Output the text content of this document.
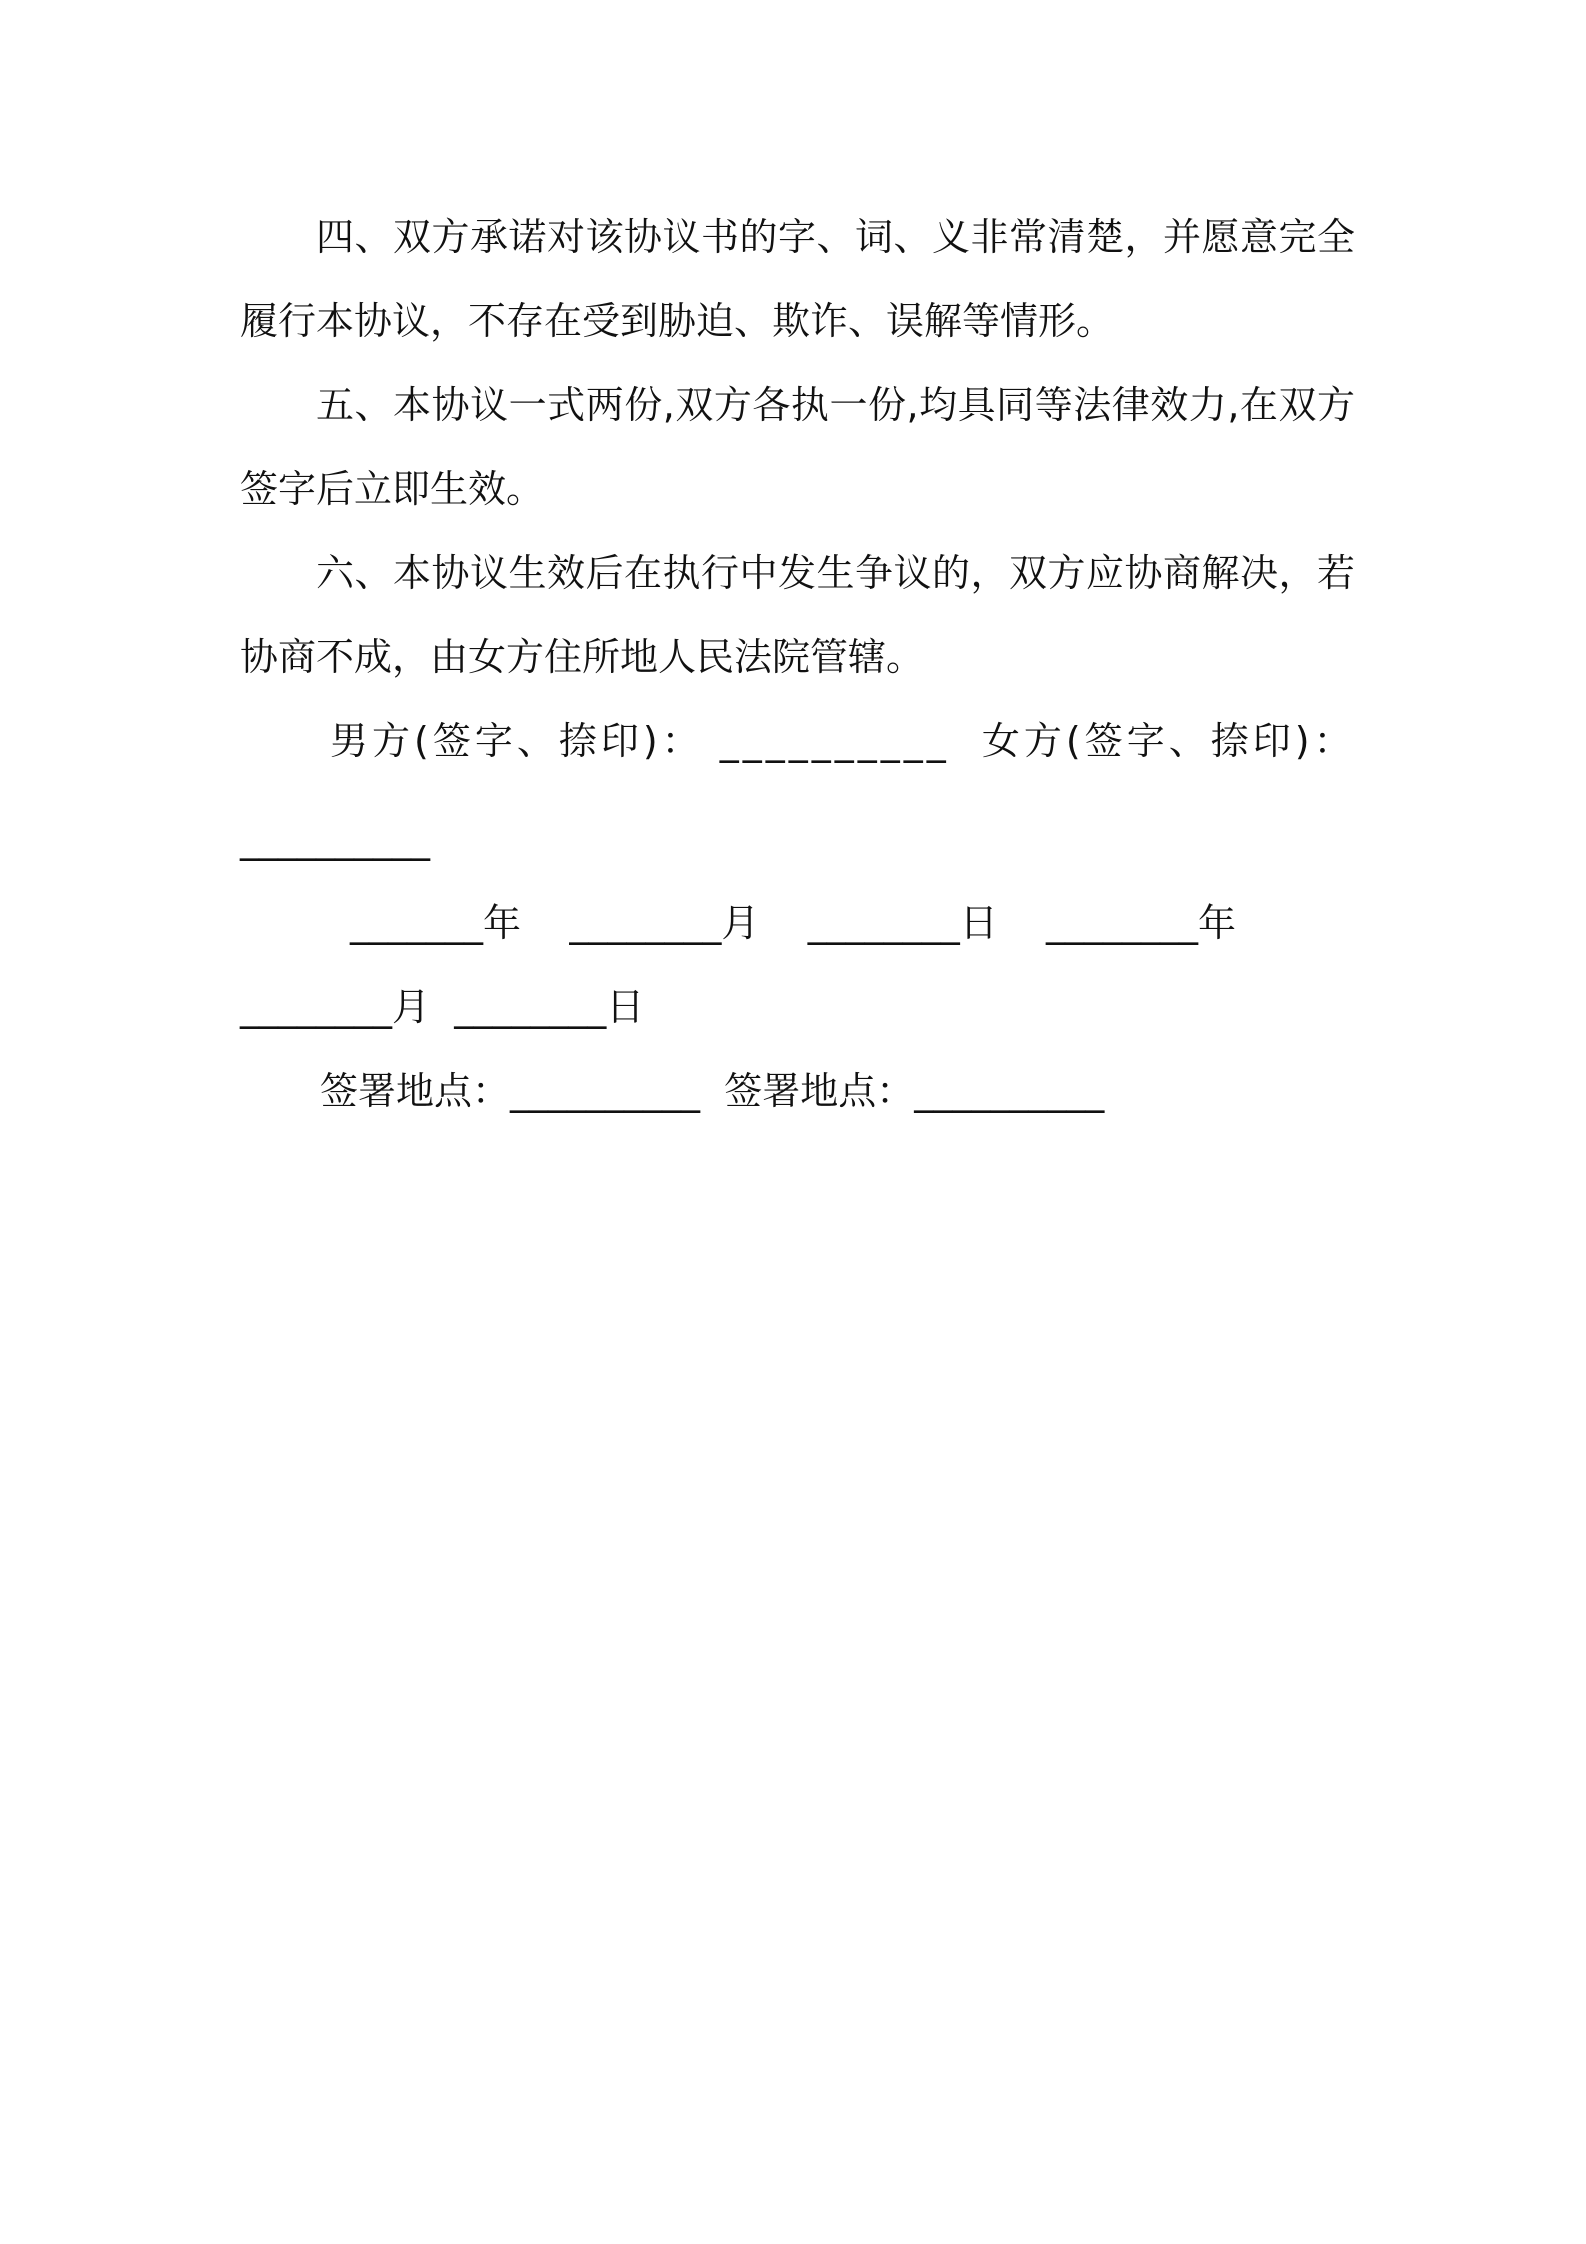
四、双方承诺对该协议书的字、词、义非常清楚，并愿意完全履行本协议，不存在受到胁迫、欺诈、误解等情形。

五、本协议一式两份,双方各执一份,均具同等法律效力,在双方签字后立即生效。

六、本协议生效后在执行中发生争议的，双方应协商解决，若协商不成，由女方住所地人民法院管辖。

男方(签字、捺印)： __________ 女方(签字、捺印)：

__________

_______年 ________月 ________日 ________年

________月 ________日

签署地点：__________ 签署地点：__________
